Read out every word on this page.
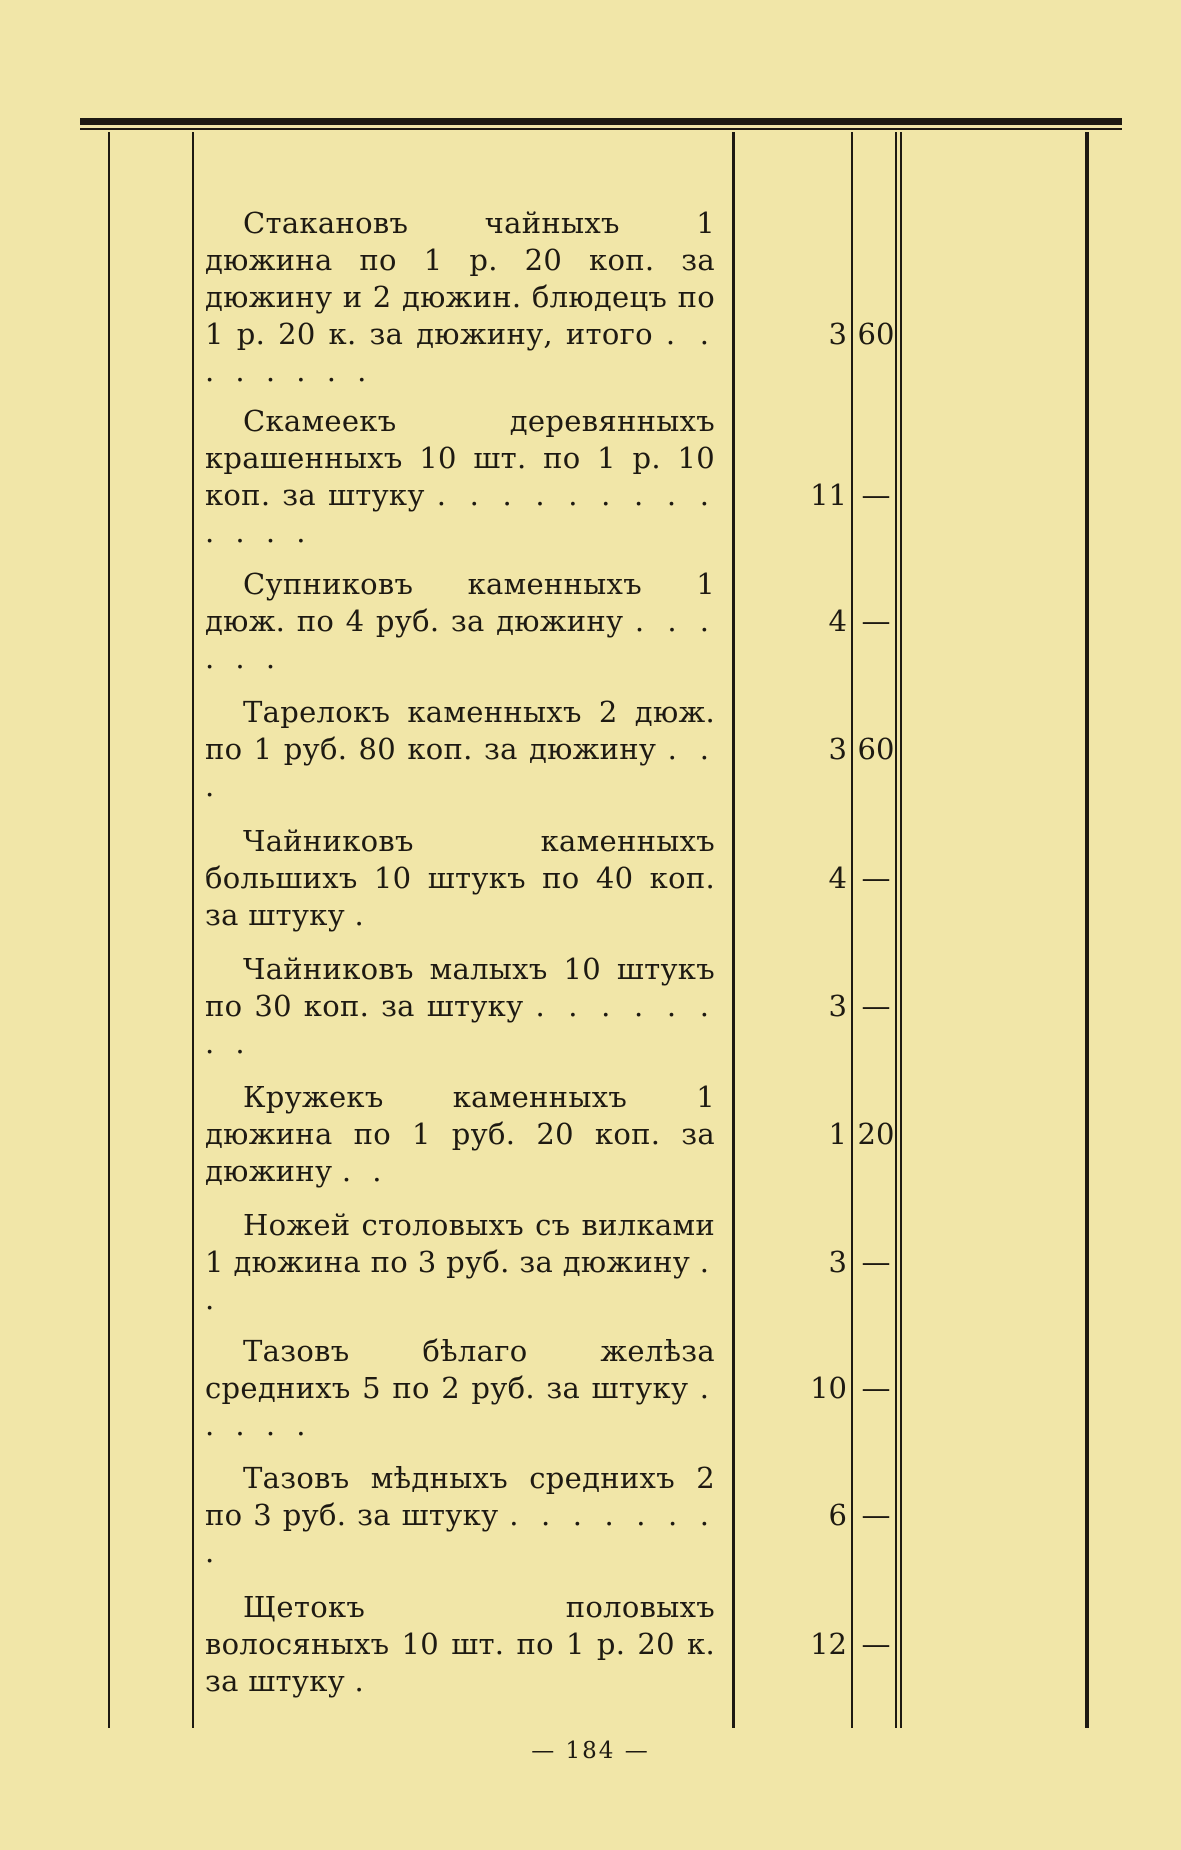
Стакановъ чайныхъ 1 дюжина по 1 р. 20 коп. за дюжину и 2 дюжин. блюдецъ по 1 р. 20 к. за дюжину, итого . . . . . . . .
3 60
Скамеекъ деревянныхъ крашенныхъ 10 шт. по 1 р. 10 коп. за штуку . . . . . . . . . . . . .
11 —
Супниковъ каменныхъ 1 дюж. по 4 руб. за дюжину . . . . . .
4 —
Тарелокъ каменныхъ 2 дюж. по 1 руб. 80 коп. за дюжину . . .
3 60
Чайниковъ каменныхъ большихъ 10 штукъ по 40 коп. за штуку .
4 —
Чайниковъ малыхъ 10 штукъ по 30 коп. за штуку . . . . . . . .
3 —
Кружекъ каменныхъ 1 дюжина по 1 руб. 20 коп. за дюжину . .
1 20
Ножей столовыхъ съ вилками 1 дюжина по 3 руб. за дюжину . .
3 —
Тазовъ бѣлаго желѣза среднихъ 5 по 2 руб. за штуку . . . . .
10 —
Тазовъ мѣдныхъ среднихъ 2 по 3 руб. за штуку . . . . . . . .
6 —
Щетокъ половыхъ волосяныхъ 10 шт. по 1 р. 20 к. за штуку .
12 —
— 184 —
